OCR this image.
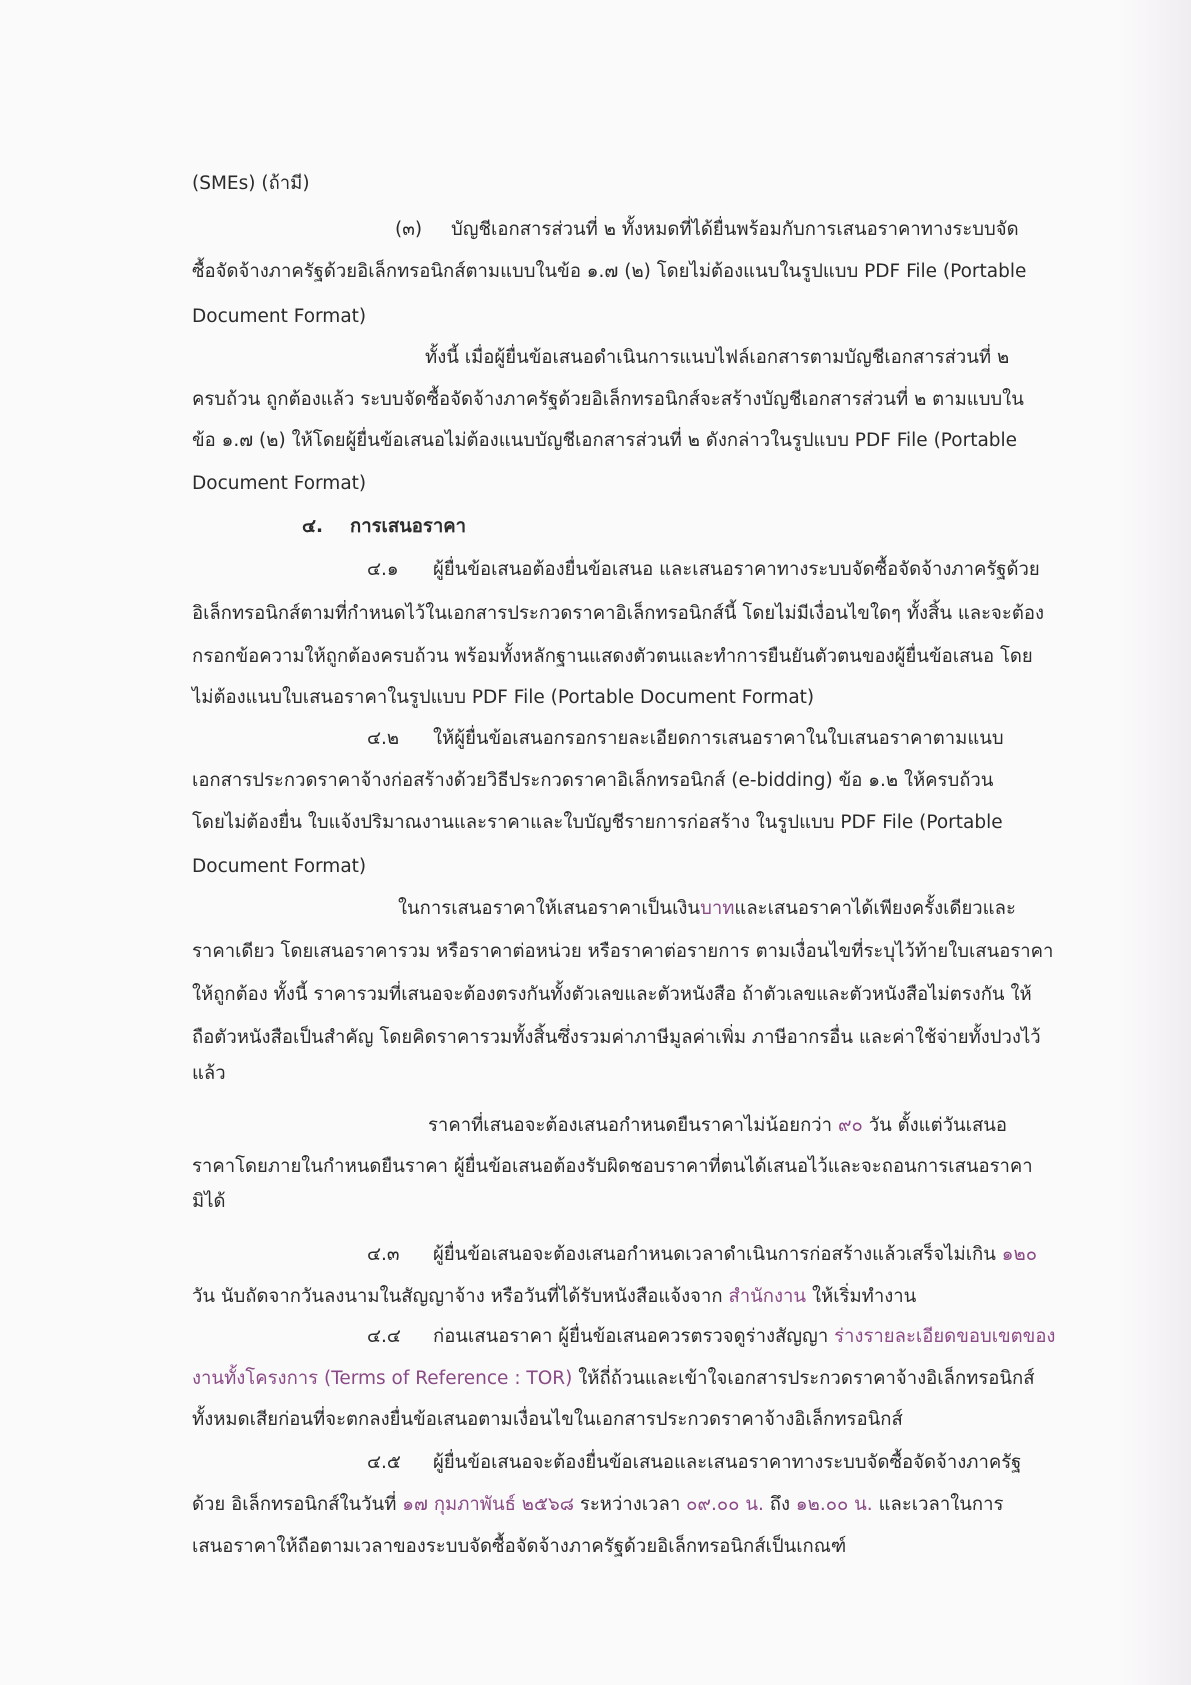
(SMEs) (ถ้ามี)
(๓) บัญชีเอกสารส่วนที่ ๒ ทั้งหมดที่ได้ยื่นพร้อมกับการเสนอราคาทางระบบจัด
ซื้อจัดจ้างภาครัฐด้วยอิเล็กทรอนิกส์ตามแบบในข้อ ๑.๗ (๒) โดยไม่ต้องแนบในรูปแบบ PDF File (Portable
Document Format)
ทั้งนี้ เมื่อผู้ยื่นข้อเสนอดำเนินการแนบไฟล์เอกสารตามบัญชีเอกสารส่วนที่ ๒
ครบถ้วน ถูกต้องแล้ว ระบบจัดซื้อจัดจ้างภาครัฐด้วยอิเล็กทรอนิกส์จะสร้างบัญชีเอกสารส่วนที่ ๒ ตามแบบใน
ข้อ ๑.๗ (๒) ให้โดยผู้ยื่นข้อเสนอไม่ต้องแนบบัญชีเอกสารส่วนที่ ๒ ดังกล่าวในรูปแบบ PDF File (Portable
Document Format)
๔. การเสนอราคา
๔.๑ ผู้ยื่นข้อเสนอต้องยื่นข้อเสนอ และเสนอราคาทางระบบจัดซื้อจัดจ้างภาครัฐด้วย
อิเล็กทรอนิกส์ตามที่กำหนดไว้ในเอกสารประกวดราคาอิเล็กทรอนิกส์นี้ โดยไม่มีเงื่อนไขใดๆ ทั้งสิ้น และจะต้อง
กรอกข้อความให้ถูกต้องครบถ้วน พร้อมทั้งหลักฐานแสดงตัวตนและทำการยืนยันตัวตนของผู้ยื่นข้อเสนอ โดย
ไม่ต้องแนบใบเสนอราคาในรูปแบบ PDF File (Portable Document Format)
๔.๒ ให้ผู้ยื่นข้อเสนอกรอกรายละเอียดการเสนอราคาในใบเสนอราคาตามแนบ
เอกสารประกวดราคาจ้างก่อสร้างด้วยวิธีประกวดราคาอิเล็กทรอนิกส์ (e-bidding) ข้อ ๑.๒ ให้ครบถ้วน
โดยไม่ต้องยื่น ใบแจ้งปริมาณงานและราคาและใบบัญชีรายการก่อสร้าง ในรูปแบบ PDF File (Portable
Document Format)
ในการเสนอราคาให้เสนอราคาเป็นเงินบาทและเสนอราคาได้เพียงครั้งเดียวและ
ราคาเดียว โดยเสนอราคารวม หรือราคาต่อหน่วย หรือราคาต่อรายการ ตามเงื่อนไขที่ระบุไว้ท้ายใบเสนอราคา
ให้ถูกต้อง ทั้งนี้ ราคารวมที่เสนอจะต้องตรงกันทั้งตัวเลขและตัวหนังสือ ถ้าตัวเลขและตัวหนังสือไม่ตรงกัน ให้
ถือตัวหนังสือเป็นสำคัญ โดยคิดราคารวมทั้งสิ้นซึ่งรวมค่าภาษีมูลค่าเพิ่ม ภาษีอากรอื่น และค่าใช้จ่ายทั้งปวงไว้
แล้ว
ราคาที่เสนอจะต้องเสนอกำหนดยืนราคาไม่น้อยกว่า ๙๐ วัน ตั้งแต่วันเสนอ
ราคาโดยภายในกำหนดยืนราคา ผู้ยื่นข้อเสนอต้องรับผิดชอบราคาที่ตนได้เสนอไว้และจะถอนการเสนอราคา
มิได้
๔.๓ ผู้ยื่นข้อเสนอจะต้องเสนอกำหนดเวลาดำเนินการก่อสร้างแล้วเสร็จไม่เกิน ๑๒๐
วัน นับถัดจากวันลงนามในสัญญาจ้าง หรือวันที่ได้รับหนังสือแจ้งจาก สำนักงาน ให้เริ่มทำงาน
๔.๔ ก่อนเสนอราคา ผู้ยื่นข้อเสนอควรตรวจดูร่างสัญญา ร่างรายละเอียดขอบเขตของ
งานทั้งโครงการ (Terms of Reference : TOR) ให้ถี่ถ้วนและเข้าใจเอกสารประกวดราคาจ้างอิเล็กทรอนิกส์
ทั้งหมดเสียก่อนที่จะตกลงยื่นข้อเสนอตามเงื่อนไขในเอกสารประกวดราคาจ้างอิเล็กทรอนิกส์
๔.๕ ผู้ยื่นข้อเสนอจะต้องยื่นข้อเสนอและเสนอราคาทางระบบจัดซื้อจัดจ้างภาครัฐ
ด้วย อิเล็กทรอนิกส์ในวันที่ ๑๗ กุมภาพันธ์ ๒๕๖๘ ระหว่างเวลา ๐๙.๐๐ น. ถึง ๑๒.๐๐ น. และเวลาในการ
เสนอราคาให้ถือตามเวลาของระบบจัดซื้อจัดจ้างภาครัฐด้วยอิเล็กทรอนิกส์เป็นเกณฑ์
